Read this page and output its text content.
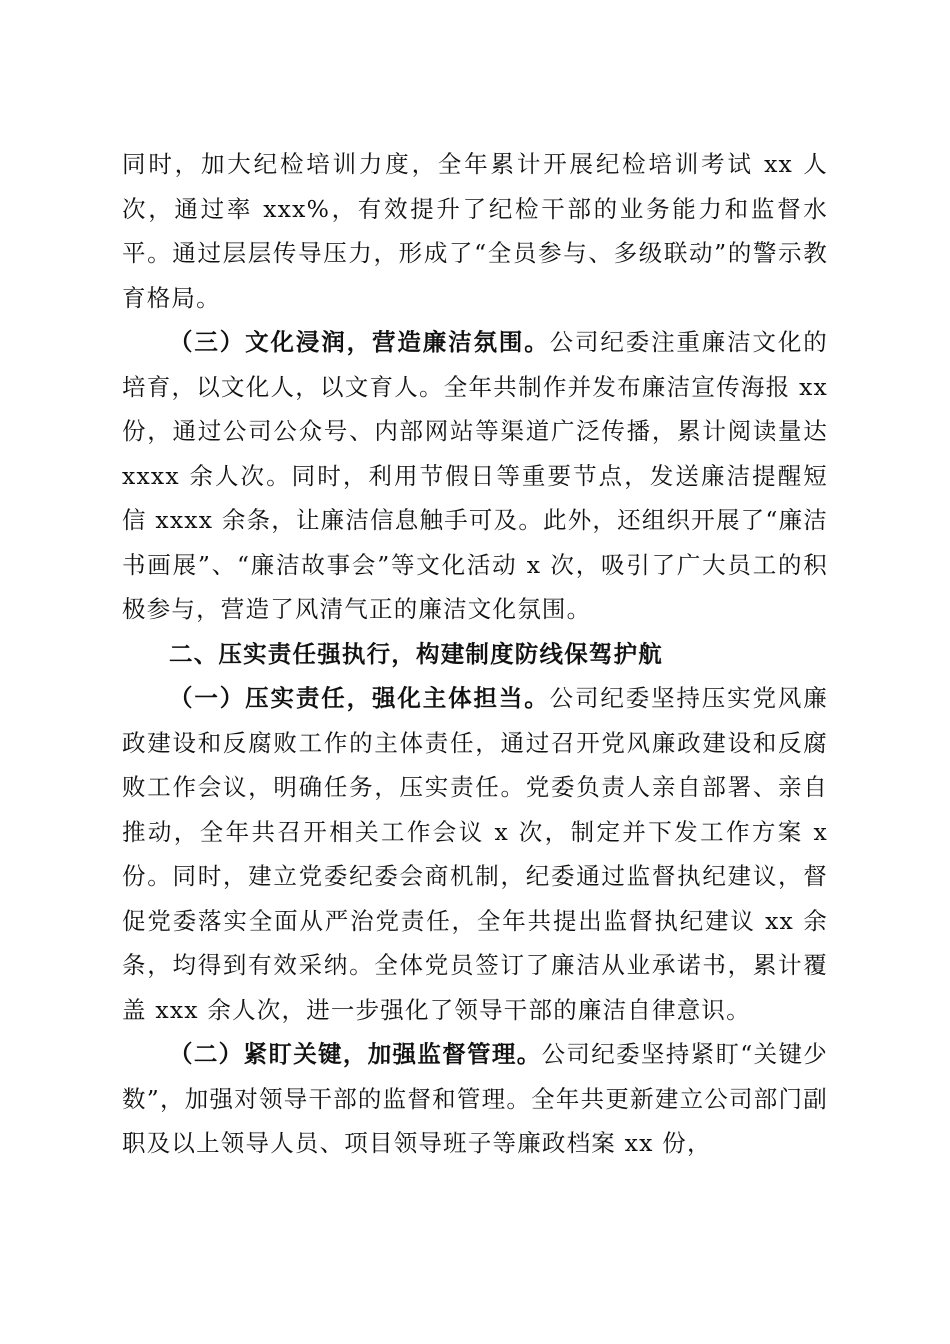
同时，加大纪检培训力度，全年累计开展纪检培训考试 xx 人次，通过率 xxx%，有效提升了纪检干部的业务能力和监督水平。通过层层传导压力，形成了“全员参与、多级联动”的警示教育格局。

（三）文化浸润，营造廉洁氛围。公司纪委注重廉洁文化的培育，以文化人，以文育人。全年共制作并发布廉洁宣传海报 xx 份，通过公司公众号、内部网站等渠道广泛传播，累计阅读量达 xxxx 余人次。同时，利用节假日等重要节点，发送廉洁提醒短信 xxxx 余条，让廉洁信息触手可及。此外，还组织开展了“廉洁书画展”、“廉洁故事会”等文化活动 x 次，吸引了广大员工的积极参与，营造了风清气正的廉洁文化氛围。

二、压实责任强执行，构建制度防线保驾护航

（一）压实责任，强化主体担当。公司纪委坚持压实党风廉政建设和反腐败工作的主体责任，通过召开党风廉政建设和反腐败工作会议，明确任务，压实责任。党委负责人亲自部署、亲自推动，全年共召开相关工作会议 x 次，制定并下发工作方案 x 份。同时，建立党委纪委会商机制，纪委通过监督执纪建议，督促党委落实全面从严治党责任，全年共提出监督执纪建议 xx 余条，均得到有效采纳。全体党员签订了廉洁从业承诺书，累计覆盖 xxx 余人次，进一步强化了领导干部的廉洁自律意识。

（二）紧盯关键，加强监督管理。公司纪委坚持紧盯“关键少数”，加强对领导干部的监督和管理。全年共更新建立公司部门副职及以上领导人员、项目领导班子等廉政档案 xx 份，
